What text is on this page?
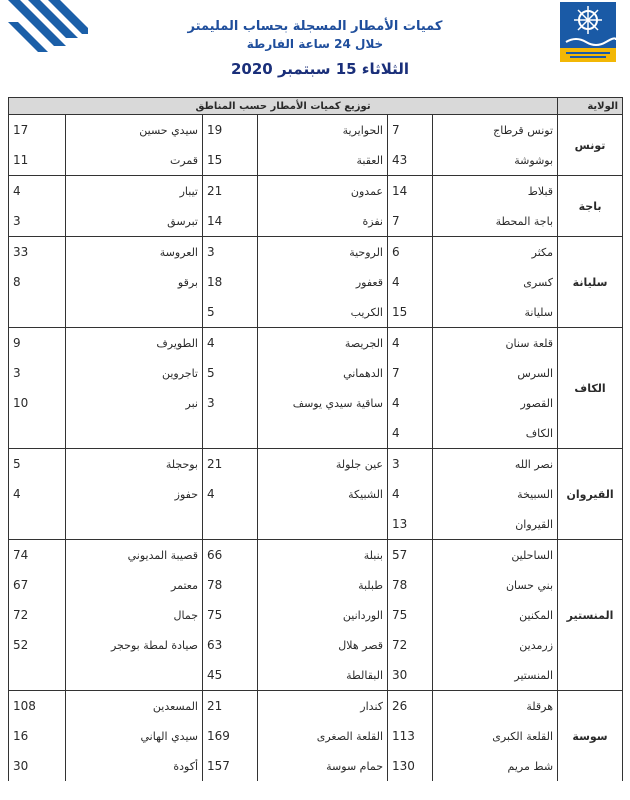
كميات الأمطار المسجلة بحساب المليمتر
خلال 24 ساعة الفارطة
الثلاثاء 15 سبتمبر 2020
توزيع كميات الأمطار حسب المناطق						الولاية
17	سيدي حسين	19	الحوايرية	7	تونس قرطاج	تونس
11	قمرت	15	العقبة	43	بوشوشة	
4	تيبار	21	عمدون	14	قبلاط	باجة
3	تبرسق	14	نفزة	7	باجة المحطة	
33	العروسة	3	الروحية	6	مكثر	سليانة
8	برقو	18	قعفور	4	كسرى	
		5	الكريب	15	سليانة	
9	الطويرف	4	الجريصة	4	قلعة سنان	الكاف
3	تاجروين	5	الدهماني	7	السرس	
10	نبر	3	ساقية سيدي يوسف	4	القصور	
				4	الكاف	
5	بوحجلة	21	عين جلولة	3	نصر الله	القيروان
4	حفوز	4	الشبيكة	4	السبيخة	
				13	القيروان	
74	قصيبة المديوني	66	بنبلة	57	الساحلين	المنستير
67	معتمر	78	طبلبة	78	بني حسان	
72	جمال	75	الوردانين	75	المكنين	
52	صيادة لمطة بوحجر	63	قصر هلال	72	زرمدين	
		45	البقالطة	30	المنستير	
108	المسعدين	21	كندار	26	هرقلة	سوسة
16	سيدي الهاني	169	القلعة الصغرى	113	القلعة الكبرى	
30	أكودة	157	حمام سوسة	130	شط مريم	
